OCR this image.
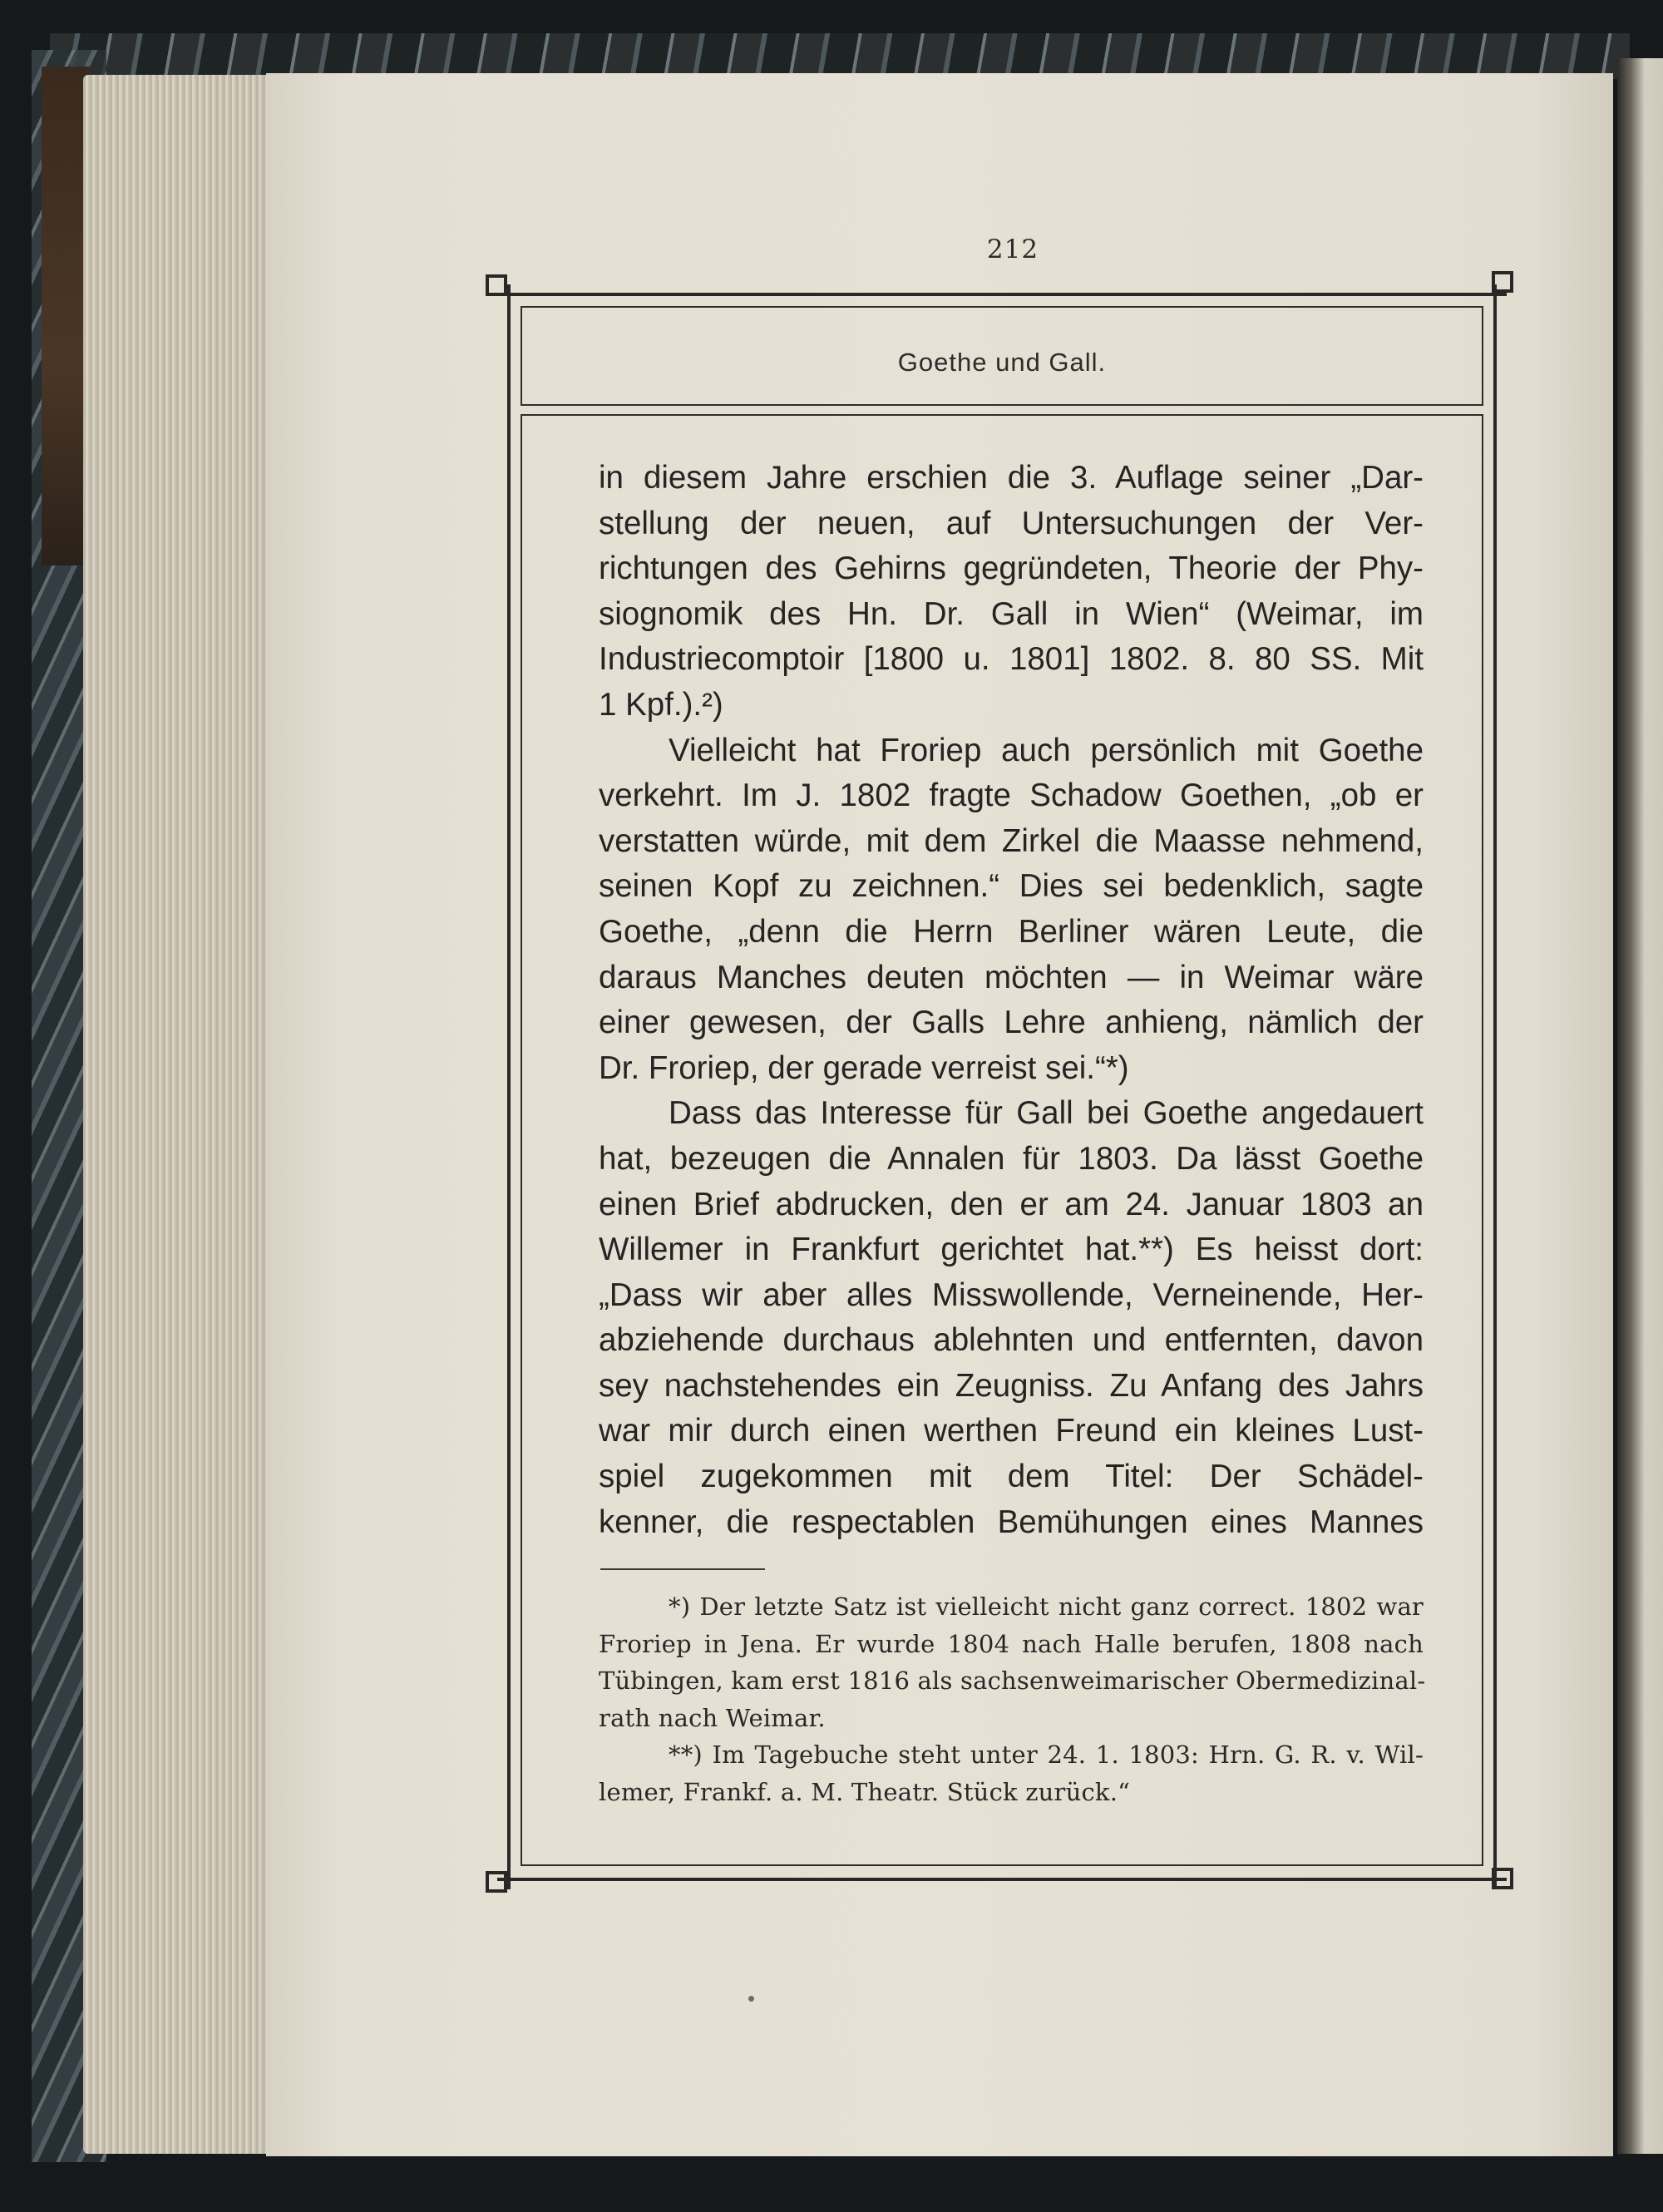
212
Goethe und Gall.

in diesem Jahre erschien die 3. Auflage seiner „Dar-
stellung der neuen, auf Untersuchungen der Ver-
richtungen des Gehirns gegründeten, Theorie der Phy-
siognomik des Hn. Dr. Gall in Wien“ (Weimar, im
Industriecomptoir [1800 u. 1801] 1802. 8. 80 SS. Mit
1 Kpf.).²)

Vielleicht hat Froriep auch persönlich mit Goethe

verkehrt. Im J. 1802 fragte Schadow Goethen, „ob er
verstatten würde, mit dem Zirkel die Maasse nehmend,
seinen Kopf zu zeichnen.“ Dies sei bedenklich, sagte
Goethe, „denn die Herrn Berliner wären Leute, die
daraus Manches deuten möchten — in Weimar wäre
einer gewesen, der Galls Lehre anhieng, nämlich der
Dr. Froriep, der gerade verreist sei.“*)

Dass das Interesse für Gall bei Goethe angedauert

hat, bezeugen die Annalen für 1803. Da lässt Goethe
einen Brief abdrucken, den er am 24. Januar 1803 an
Willemer in Frankfurt gerichtet hat.**) Es heisst dort:
„Dass wir aber alles Misswollende, Verneinende, Her-
abziehende durchaus ablehnten und entfernten, davon
sey nachstehendes ein Zeugniss. Zu Anfang des Jahrs
war mir durch einen werthen Freund ein kleines Lust-
spiel zugekommen mit dem Titel: Der Schädel-
kenner, die respectablen Bemühungen eines Mannes

*) Der letzte Satz ist vielleicht nicht ganz correct. 1802 war
Froriep in Jena. Er wurde 1804 nach Halle berufen, 1808 nach
Tübingen, kam erst 1816 als sachsenweimarischer Obermedizinal-
rath nach Weimar.
**) Im Tagebuche steht unter 24. 1. 1803: Hrn. G. R. v. Wil-
lemer, Frankf. a. M. Theatr. Stück zurück.“
